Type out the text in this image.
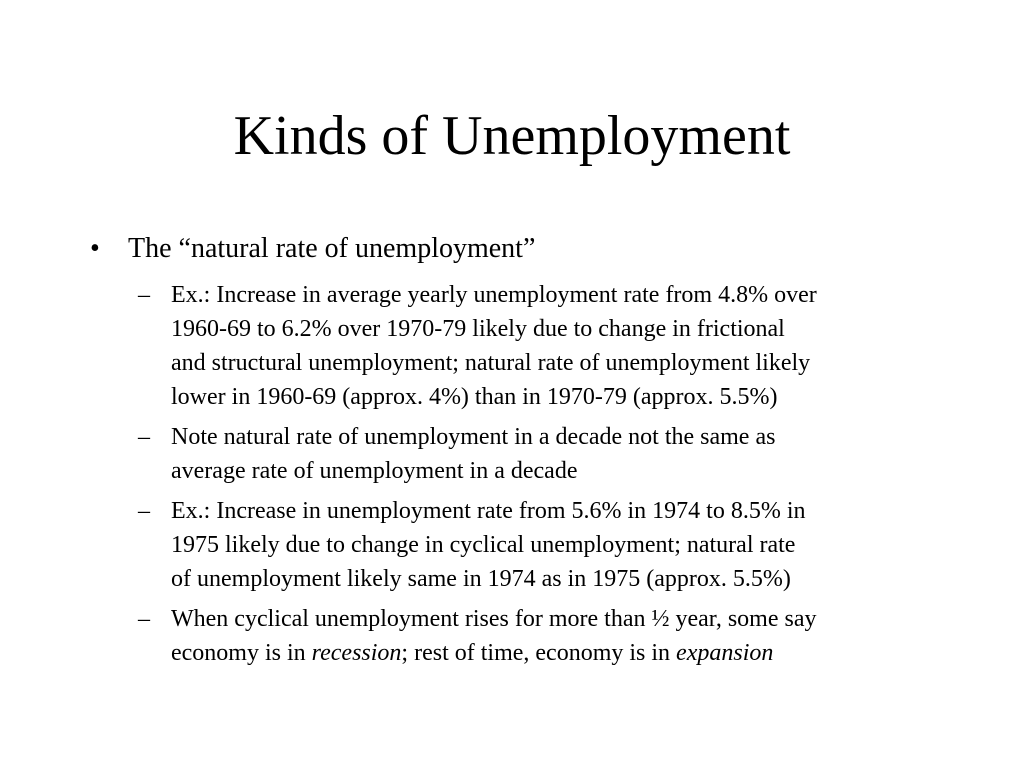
Kinds of Unemployment
• The “natural rate of unemployment”
– Ex.: Increase in average yearly unemployment rate from 4.8% over
1960-69 to 6.2% over 1970-79 likely due to change in frictional
and structural unemployment; natural rate of unemployment likely
lower in 1960-69 (approx. 4%) than in 1970-79 (approx. 5.5%)
– Note natural rate of unemployment in a decade not the same as
average rate of unemployment in a decade
– Ex.: Increase in unemployment rate from 5.6% in 1974 to 8.5% in
1975 likely due to change in cyclical unemployment; natural rate
of unemployment likely same in 1974 as in 1975 (approx. 5.5%)
– When cyclical unemployment rises for more than ½ year, some say
economy is in recession; rest of time, economy is in expansion
